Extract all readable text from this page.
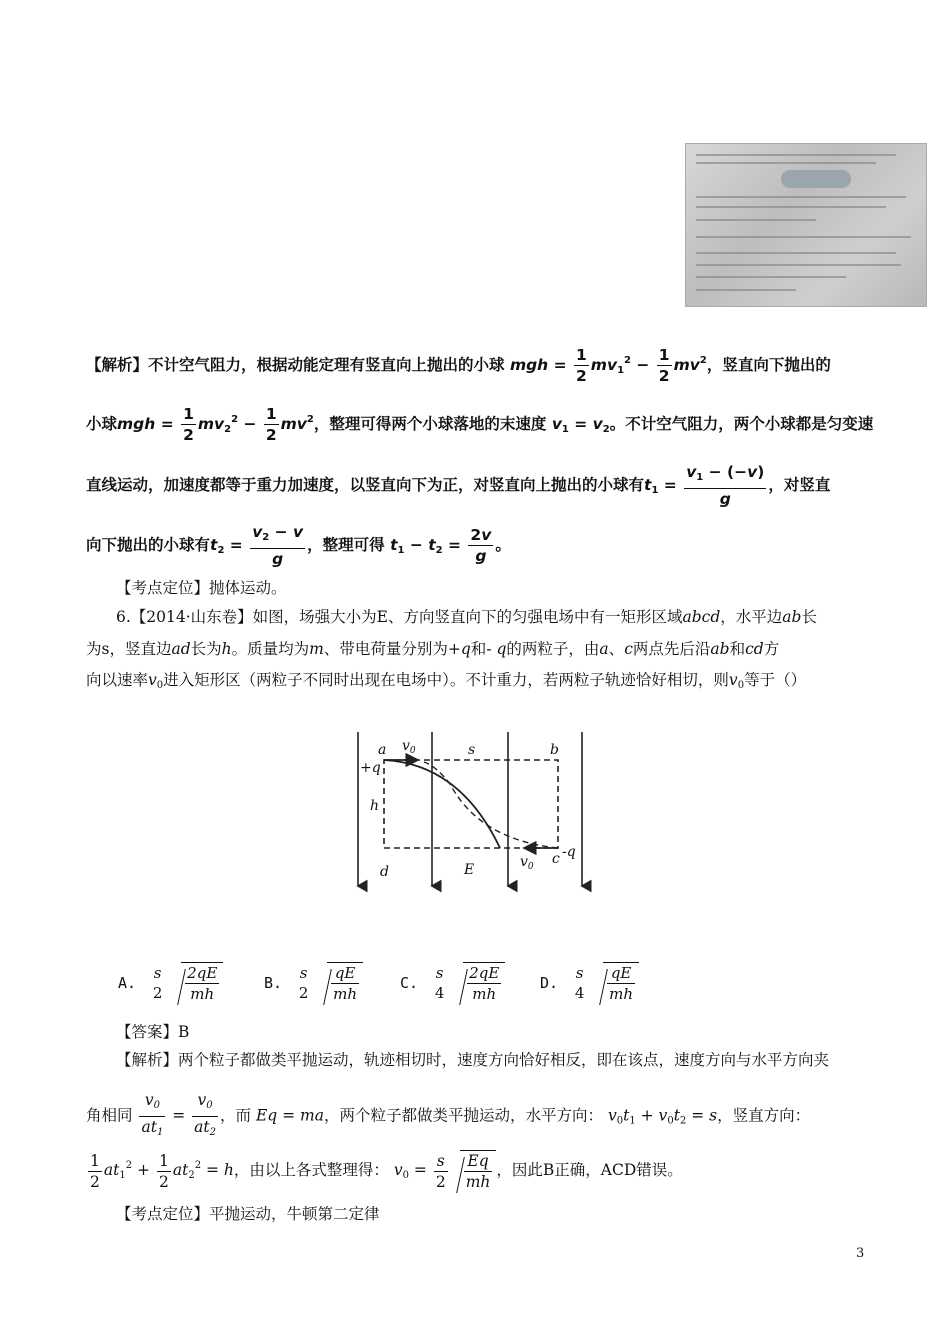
【解析】不计空气阻力，根据动能定理有竖直向上抛出的小球 mgh = $\frac{1}{2} mv_1^2 - \frac{1}{2} mv^2$，竖直向下抛出的
小球mgh = $\frac{1}{2} mv_2^2 - \frac{1}{2} mv^2$，整理可得两个小球落地的末速度 $v_1 = v_2$。不计空气阻力，两个小球都是匀变速
直线运动，加速度都等于重力加速度，以竖直向下为正，对竖直向上抛出的小球有$t_1 = \frac{v_1 - (-v)}{g}$ ，对竖直
向下抛出的小球有$t_2 = \frac{v_2 - v}{g}$ ，整理可得 $t_1 - t_2 = \frac{2v}{g}$ 。
【考点定位】抛体运动。
6.【2014·山东卷】如图，场强大小为E、方向竖直向下的匀强电场中有一矩形区域abcd，水平边ab长
为s，竖直边ad长为h。质量均为m、带电荷量分别为+q和- q的两粒子，由a、c两点先后沿ab和cd方
向以速率$v_0$进入矩形区（两粒子不同时出现在电场中）。不计重力，若两粒子轨迹恰好相切，则$v_0$等于（）
a	b
c
d	E
s
h
+q
-q
$v_0$
$v_0$
A.
s
2
$\frac{2qE}{mh}$	B.
s
2
$\frac{qE}{mh}$	C.
s
4
$\frac{2qE}{mh}$	D.
s
4
$\frac{qE}{mh}$
【答案】B
【解析】两个粒子都做类平抛运动，轨迹相切时，速度方向恰好相反，即在该点，速度方向与水平方向夹
角相同 $\frac{v_0}{at_1} = \frac{v_0}{at_2}$ ，而 Eq = ma，两个粒子都做类平抛运动，水平方向： $v_0t_1 + v_0t_2 = s$，竖直方向：
$\frac{1}{2} at_1^2 + \frac{1}{2} at_2^2 = h$，由以上各式整理得： $v_0 = \frac{s}{2} \frac{Eq}{mh}$ ，因此B正确，ACD错误。
【考点定位】平抛运动，牛顿第二定律
3
